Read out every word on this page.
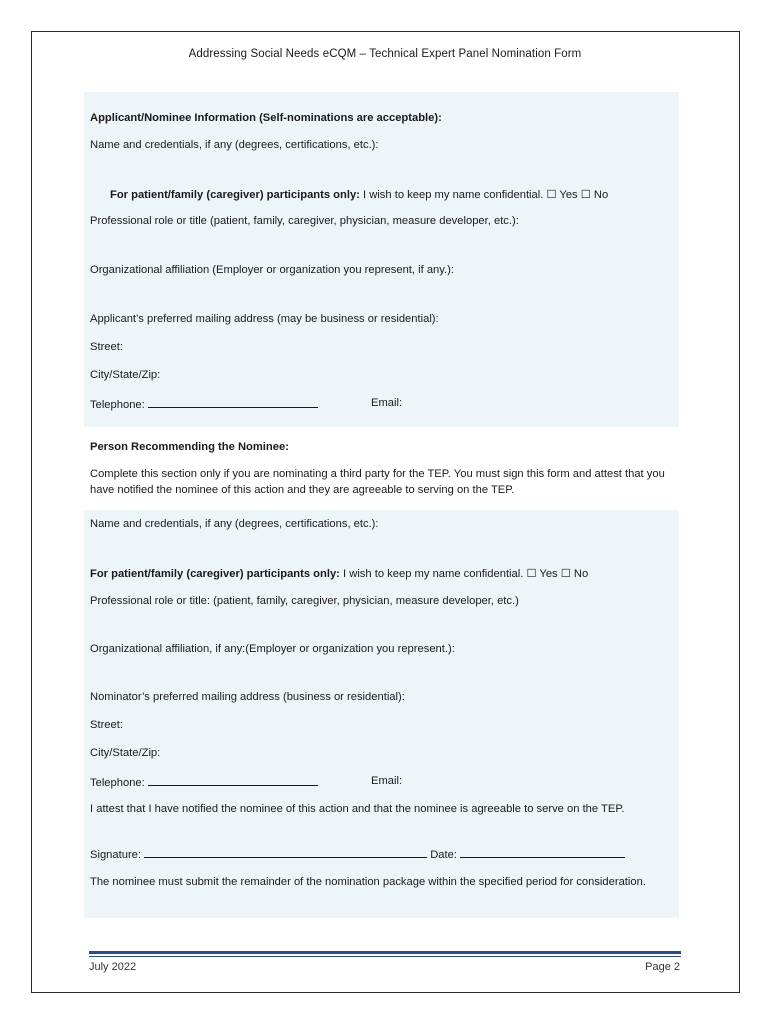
Addressing Social Needs eCQM – Technical Expert Panel Nomination Form
Applicant/Nominee Information (Self-nominations are acceptable):
Name and credentials, if any (degrees, certifications, etc.):
For patient/family (caregiver) participants only: I wish to keep my name confidential. ☐ Yes ☐ No
Professional role or title (patient, family, caregiver, physician, measure developer, etc.):
Organizational affiliation (Employer or organization you represent, if any.):
Applicant’s preferred mailing address (may be business or residential):
Street:
City/State/Zip:
Telephone:	Email:
Person Recommending the Nominee:
Complete this section only if you are nominating a third party for the TEP. You must sign this form and attest that you have notified the nominee of this action and they are agreeable to serving on the TEP.
Name and credentials, if any (degrees, certifications, etc.):
For patient/family (caregiver) participants only: I wish to keep my name confidential. ☐ Yes ☐ No
Professional role or title: (patient, family, caregiver, physician, measure developer, etc.)
Organizational affiliation, if any:(Employer or organization you represent.):
Nominator’s preferred mailing address (business or residential):
Street:
City/State/Zip:
Telephone:	Email:
I attest that I have notified the nominee of this action and that the nominee is agreeable to serve on the TEP.
Signature:	Date:
The nominee must submit the remainder of the nomination package within the specified period for consideration.
July 2022	Page 2
